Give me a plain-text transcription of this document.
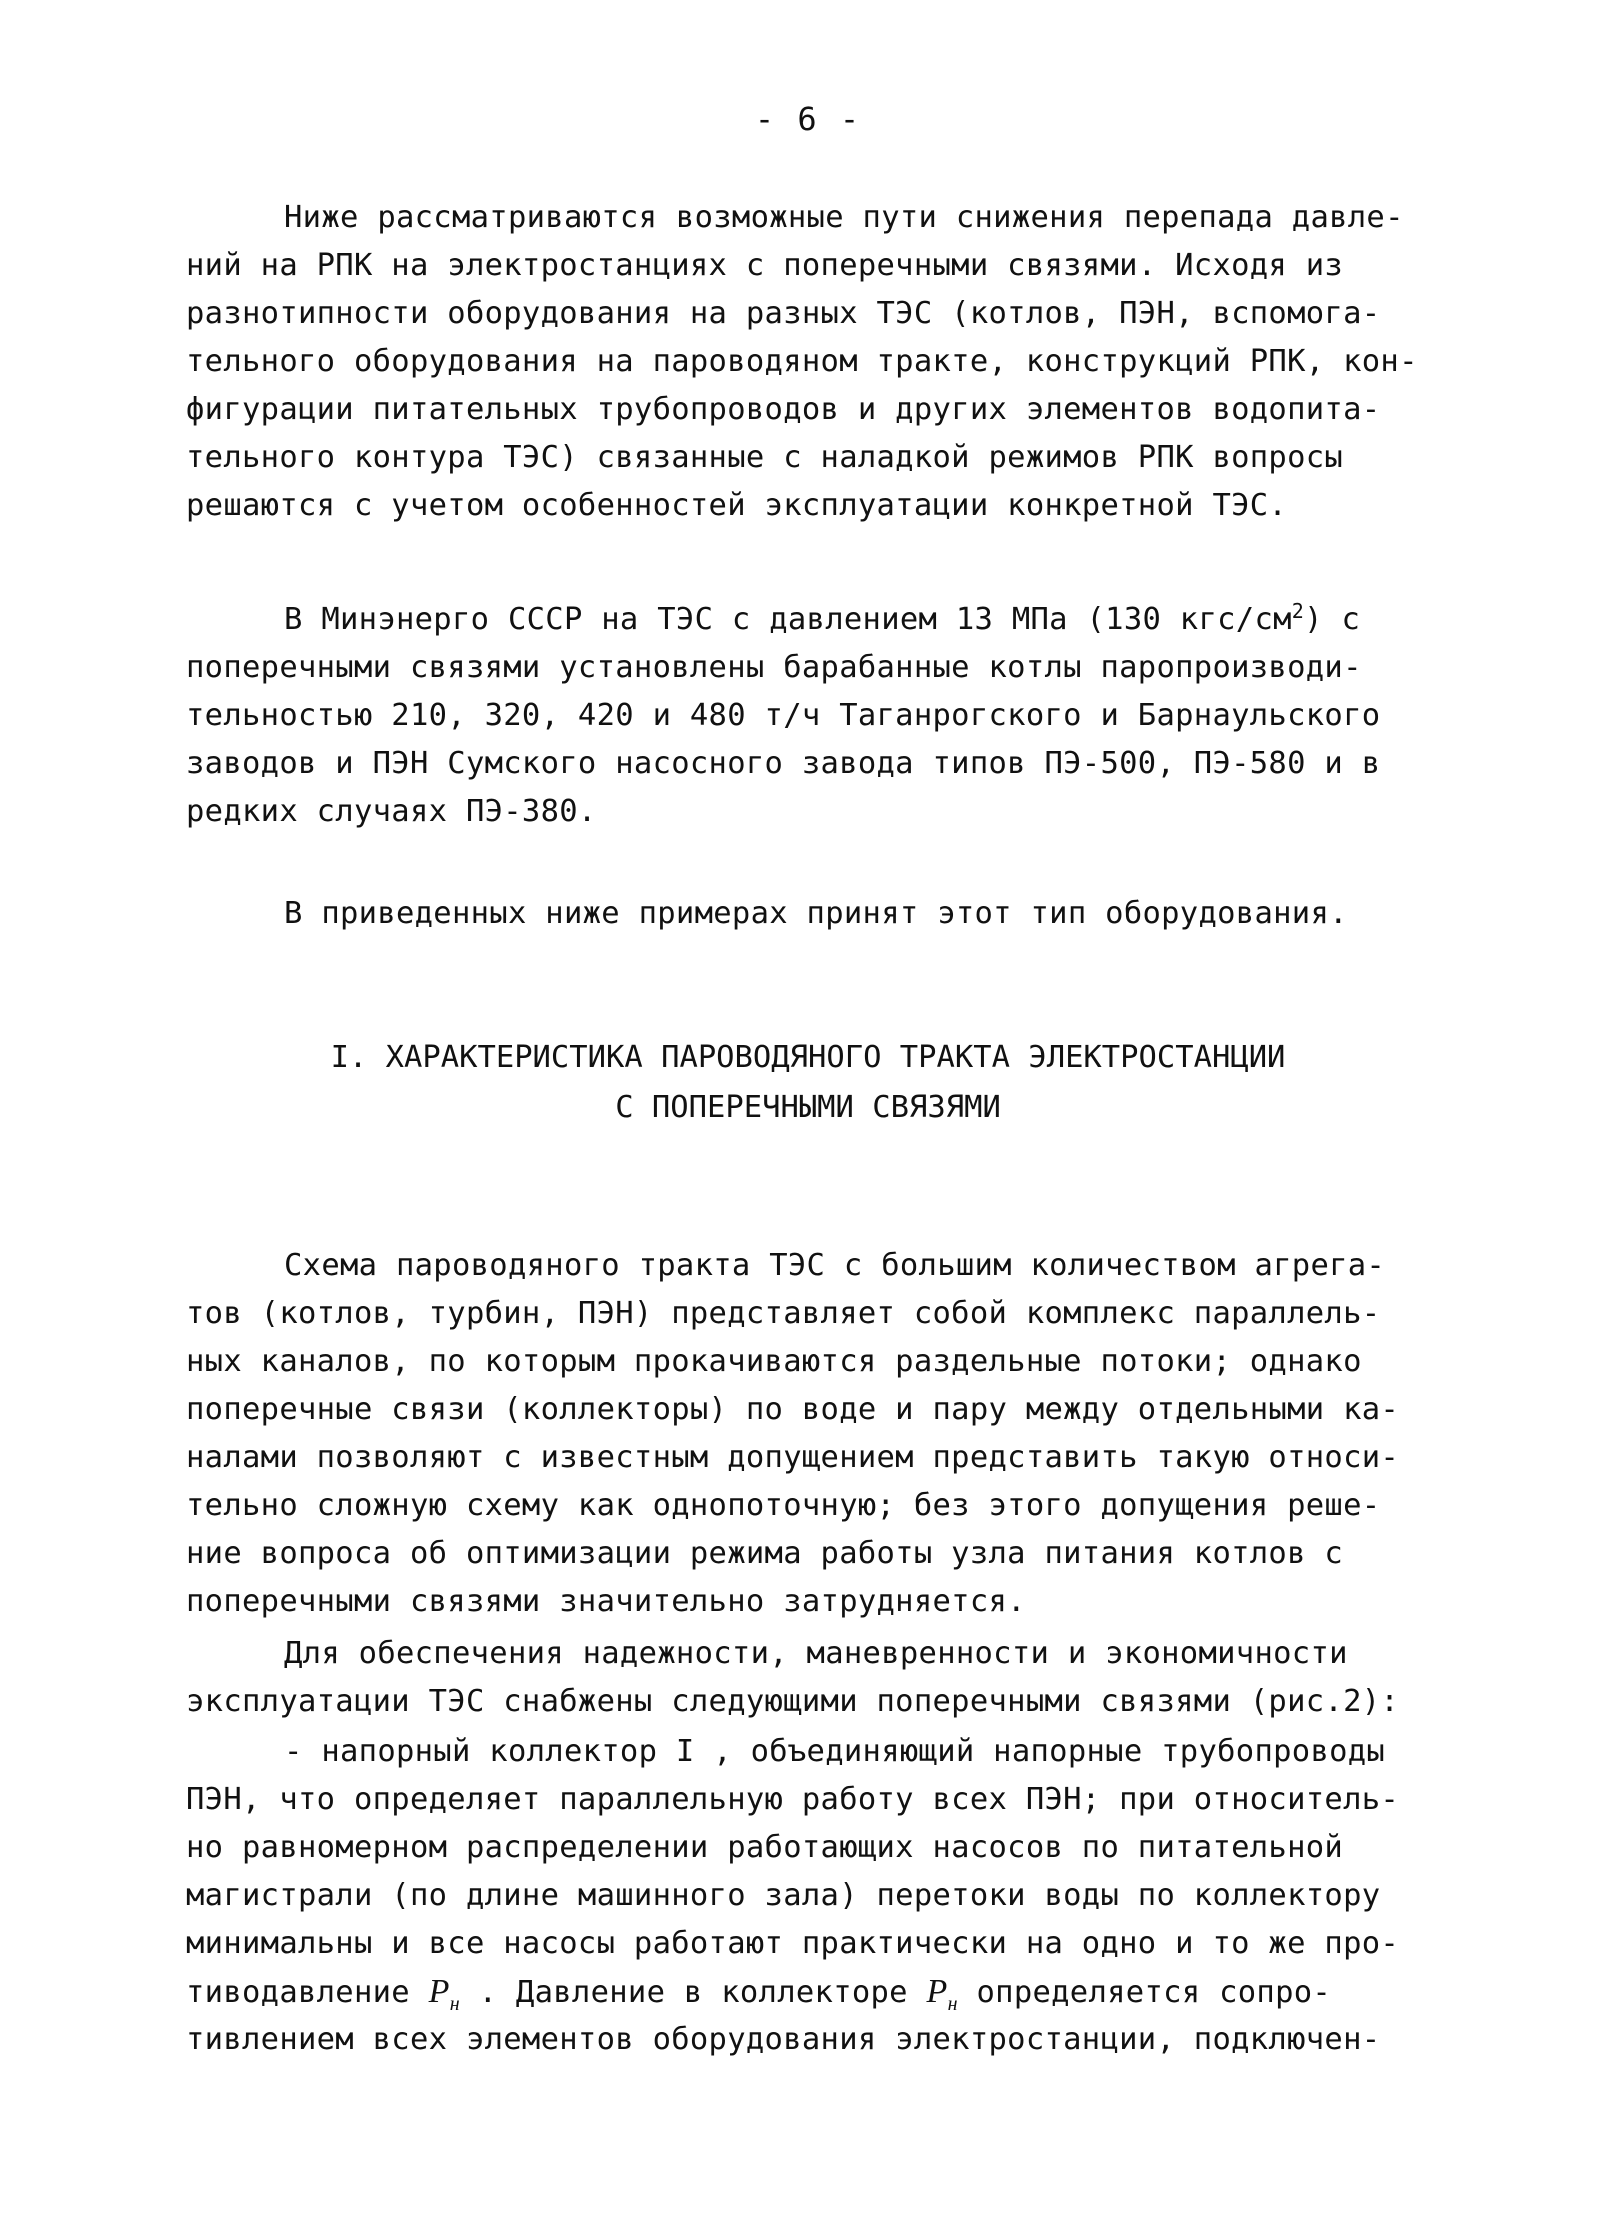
- 6 -
Ниже рассматриваются возможные пути снижения перепада давле-
ний на РПК на электростанциях с поперечными связями. Исходя из
разнотипности оборудования на разных ТЭС (котлов, ПЭН, вспомога-
тельного оборудования на пароводяном тракте, конструкций РПК, кон-
фигурации питательных трубопроводов и других элементов водопита-
тельного контура ТЭС) связанные с наладкой режимов РПК вопросы
решаются с учетом особенностей эксплуатации конкретной ТЭС.
В Минэнерго СССР на ТЭС с давлением 13 МПа (130 кгс/$см^2$) с
поперечными связями установлены барабанные котлы паропроизводи-
тельностью 210, 320, 420 и 480 т/ч Таганрогского и Барнаульского
заводов и ПЭН Сумского насосного завода типов ПЭ-500, ПЭ-580 и в
редких случаях ПЭ-380.
В приведенных ниже примерах принят этот тип оборудования.
I. ХАРАКТЕРИСТИКА ПАРОВОДЯНОГО ТРАКТА ЭЛЕКТРОСТАНЦИИ
С ПОПЕРЕЧНЫМИ СВЯЗЯМИ
Схема пароводяного тракта ТЭС с большим количеством агрега-
тов (котлов, турбин, ПЭН) представляет собой комплекс параллель-
ных каналов, по которым прокачиваются раздельные потоки; однако
поперечные связи (коллекторы) по воде и пару между отдельными ка-
налами позволяют с известным допущением представить такую относи-
тельно сложную схему как однопоточную; без этого допущения реше-
ние вопроса об оптимизации режима работы узла питания котлов с
поперечными связями значительно затрудняется.
Для обеспечения надежности, маневренности и экономичности
эксплуатации ТЭС снабжены следующими поперечными связями (рис.2):
- напорный коллектор I , объединяющий напорные трубопроводы
ПЭН, что определяет параллельную работу всех ПЭН; при относитель-
но равномерном распределении работающих насосов по питательной
магистрали (по длине машинного зала) перетоки воды по коллектору
минимальны и все насосы работают практически на одно и то же про-
тиводавление $P_н$ . Давление в коллекторе $P_н$ определяется сопро-
тивлением всех элементов оборудования электростанции, подключен-
